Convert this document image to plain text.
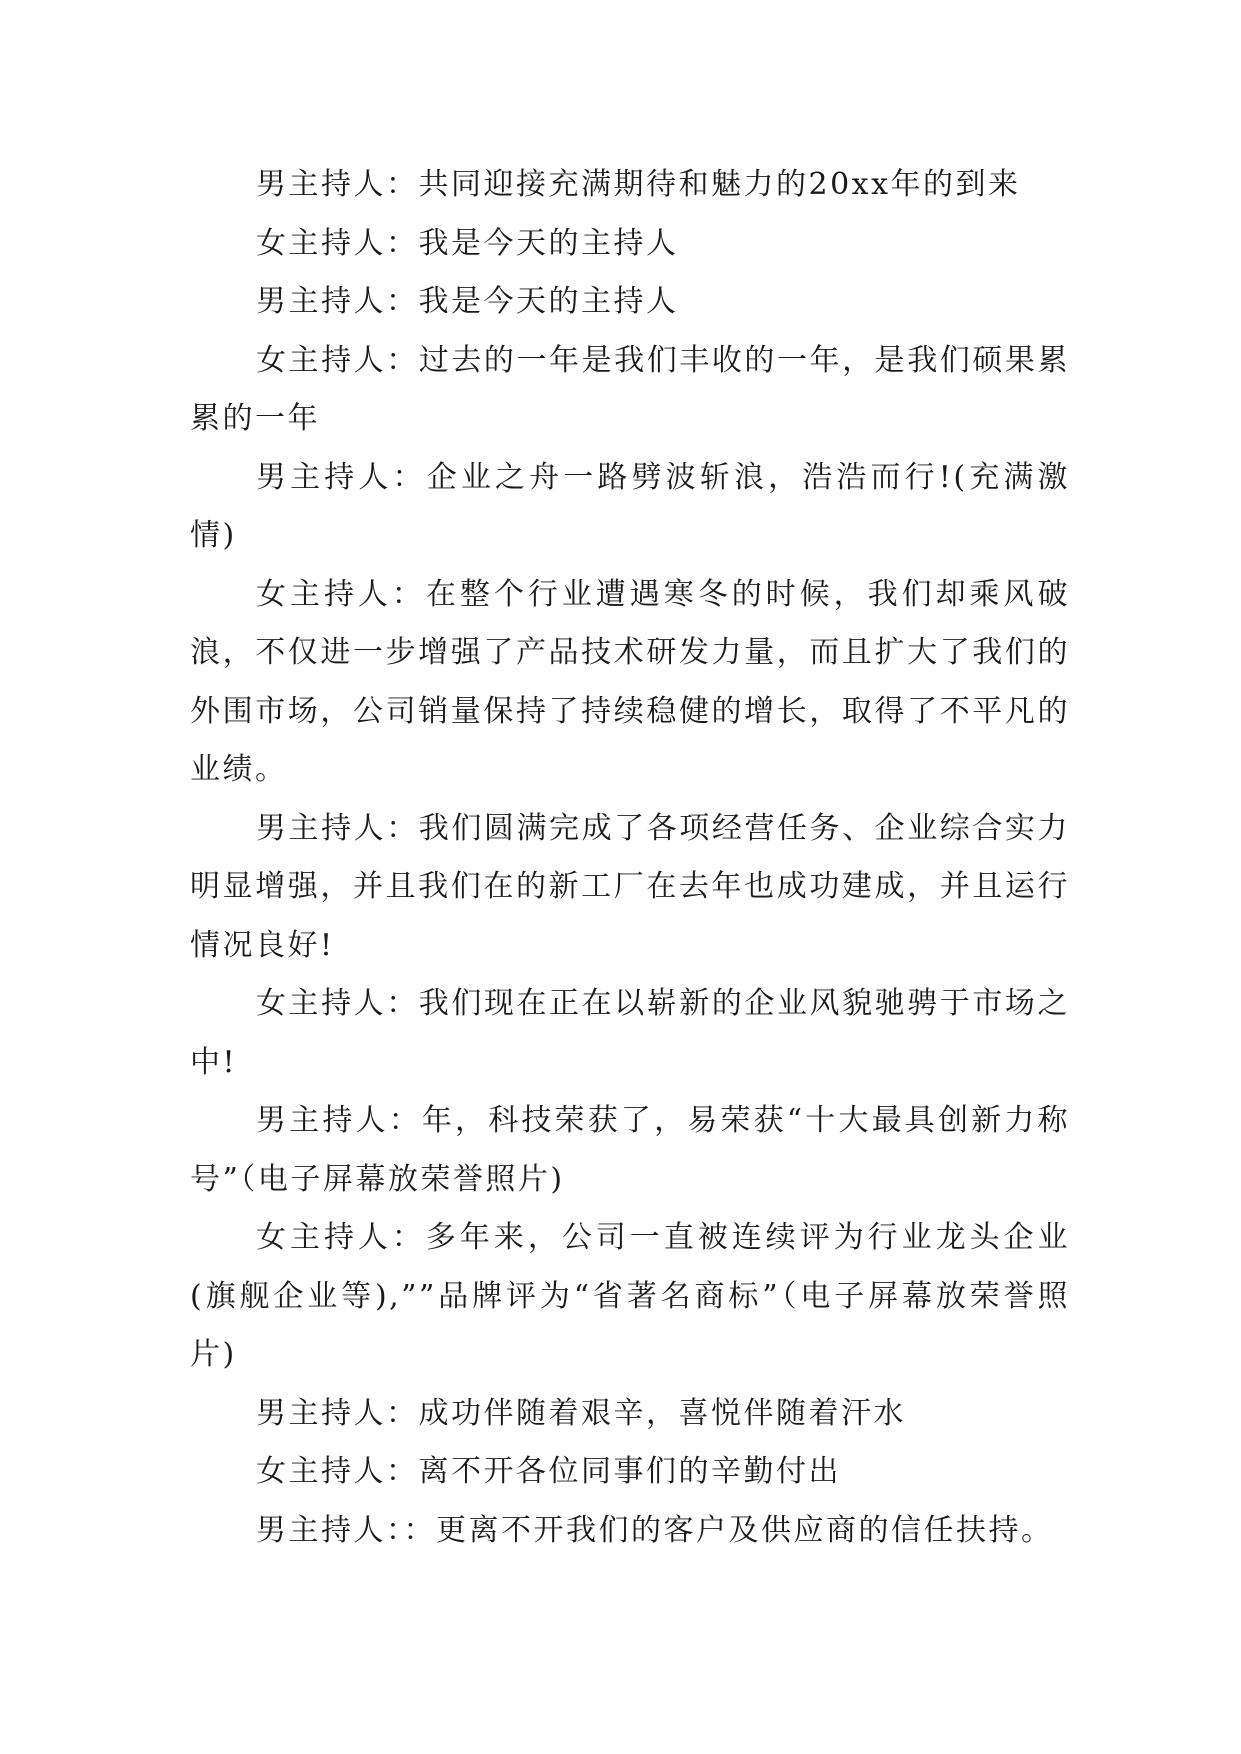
男主持人：共同迎接充满期待和魅力的20xx年的到来

女主持人：我是今天的主持人

男主持人：我是今天的主持人

女主持人：过去的一年是我们丰收的一年，是我们硕果累累的一年

男主持人：企业之舟一路劈波斩浪，浩浩而行!(充满激情)

女主持人：在整个行业遭遇寒冬的时候，我们却乘风破浪，不仅进一步增强了产品技术研发力量，而且扩大了我们的外围市场，公司销量保持了持续稳健的增长，取得了不平凡的业绩。

男主持人：我们圆满完成了各项经营任务、企业综合实力明显增强，并且我们在的新工厂在去年也成功建成，并且运行情况良好!

女主持人：我们现在正在以崭新的企业风貌驰骋于市场之中!

男主持人：年，科技荣获了，易荣获“十大最具创新力称号”（电子屏幕放荣誉照片)

女主持人：多年来，公司一直被连续评为行业龙头企业(旗舰企业等),””品牌评为“省著名商标”（电子屏幕放荣誉照片)

男主持人：成功伴随着艰辛，喜悦伴随着汗水

女主持人：离不开各位同事们的辛勤付出

男主持人：：更离不开我们的客户及供应商的信任扶持。
